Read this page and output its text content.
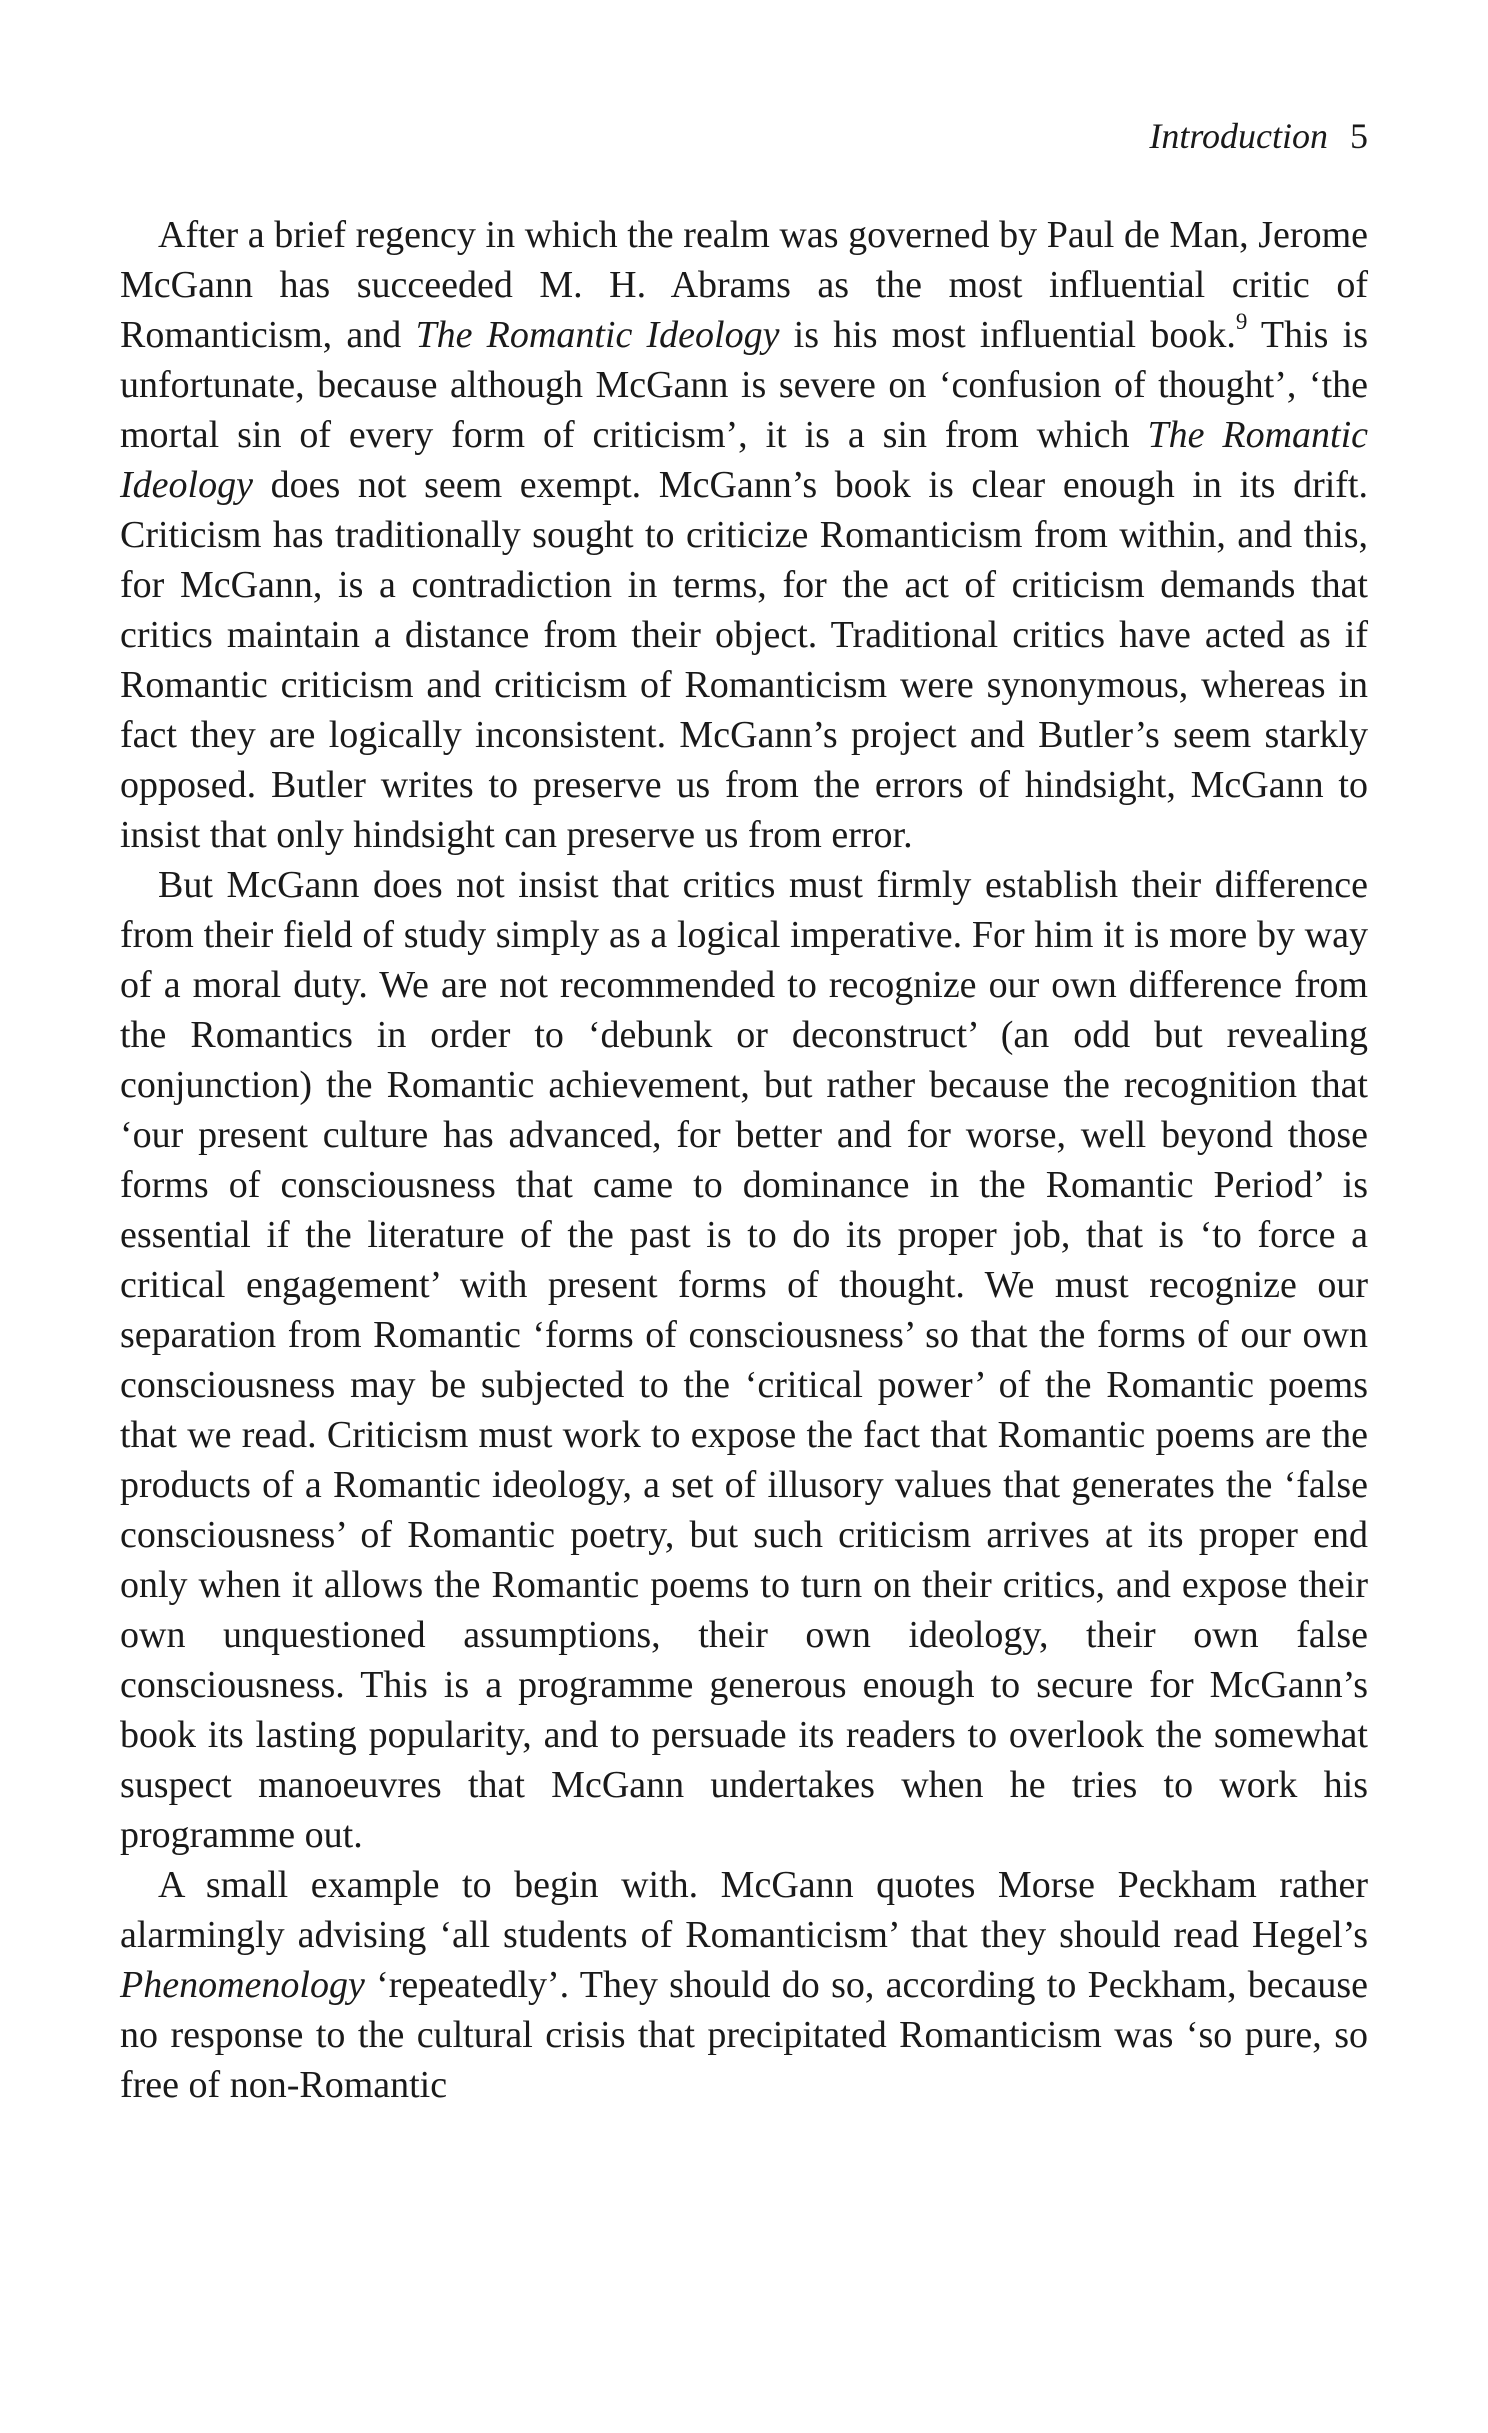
Introduction 5

After a brief regency in which the realm was governed by Paul de Man, Jerome McGann has succeeded M. H. Abrams as the most influential critic of Romanticism, and The Romantic Ideology is his most influential book.$^9$ This is unfortunate, because although McGann is severe on ‘confusion of thought’, ‘the mortal sin of every form of criticism’, it is a sin from which The Romantic Ideology does not seem exempt. McGann’s book is clear enough in its drift. Criticism has traditionally sought to criticize Romanticism from within, and this, for McGann, is a contradiction in terms, for the act of criticism demands that critics maintain a distance from their object. Traditional critics have acted as if Romantic criticism and criticism of Romanticism were synonymous, whereas in fact they are logically inconsistent. McGann’s project and Butler’s seem starkly opposed. Butler writes to preserve us from the errors of hindsight, McGann to insist that only hindsight can preserve us from error.

But McGann does not insist that critics must firmly establish their difference from their field of study simply as a logical imperative. For him it is more by way of a moral duty. We are not recommended to recognize our own difference from the Romantics in order to ‘debunk or deconstruct’ (an odd but revealing conjunction) the Romantic achievement, but rather because the recognition that ‘our present culture has advanced, for better and for worse, well beyond those forms of consciousness that came to dominance in the Romantic Period’ is essential if the literature of the past is to do its proper job, that is ‘to force a critical engagement’ with present forms of thought. We must recognize our separation from Romantic ‘forms of consciousness’ so that the forms of our own consciousness may be subjected to the ‘critical power’ of the Romantic poems that we read. Criticism must work to expose the fact that Romantic poems are the products of a Romantic ideology, a set of illusory values that generates the ‘false consciousness’ of Romantic poetry, but such criticism arrives at its proper end only when it allows the Romantic poems to turn on their critics, and expose their own unquestioned assumptions, their own ideology, their own false consciousness. This is a programme generous enough to secure for McGann’s book its lasting popularity, and to persuade its readers to overlook the somewhat suspect manoeuvres that McGann undertakes when he tries to work his programme out.

A small example to begin with. McGann quotes Morse Peckham rather alarmingly advising ‘all students of Romanticism’ that they should read Hegel’s Phenomenology ‘repeatedly’. They should do so, according to Peckham, because no response to the cultural crisis that precipitated Romanticism was ‘so pure, so free of non-Romantic
